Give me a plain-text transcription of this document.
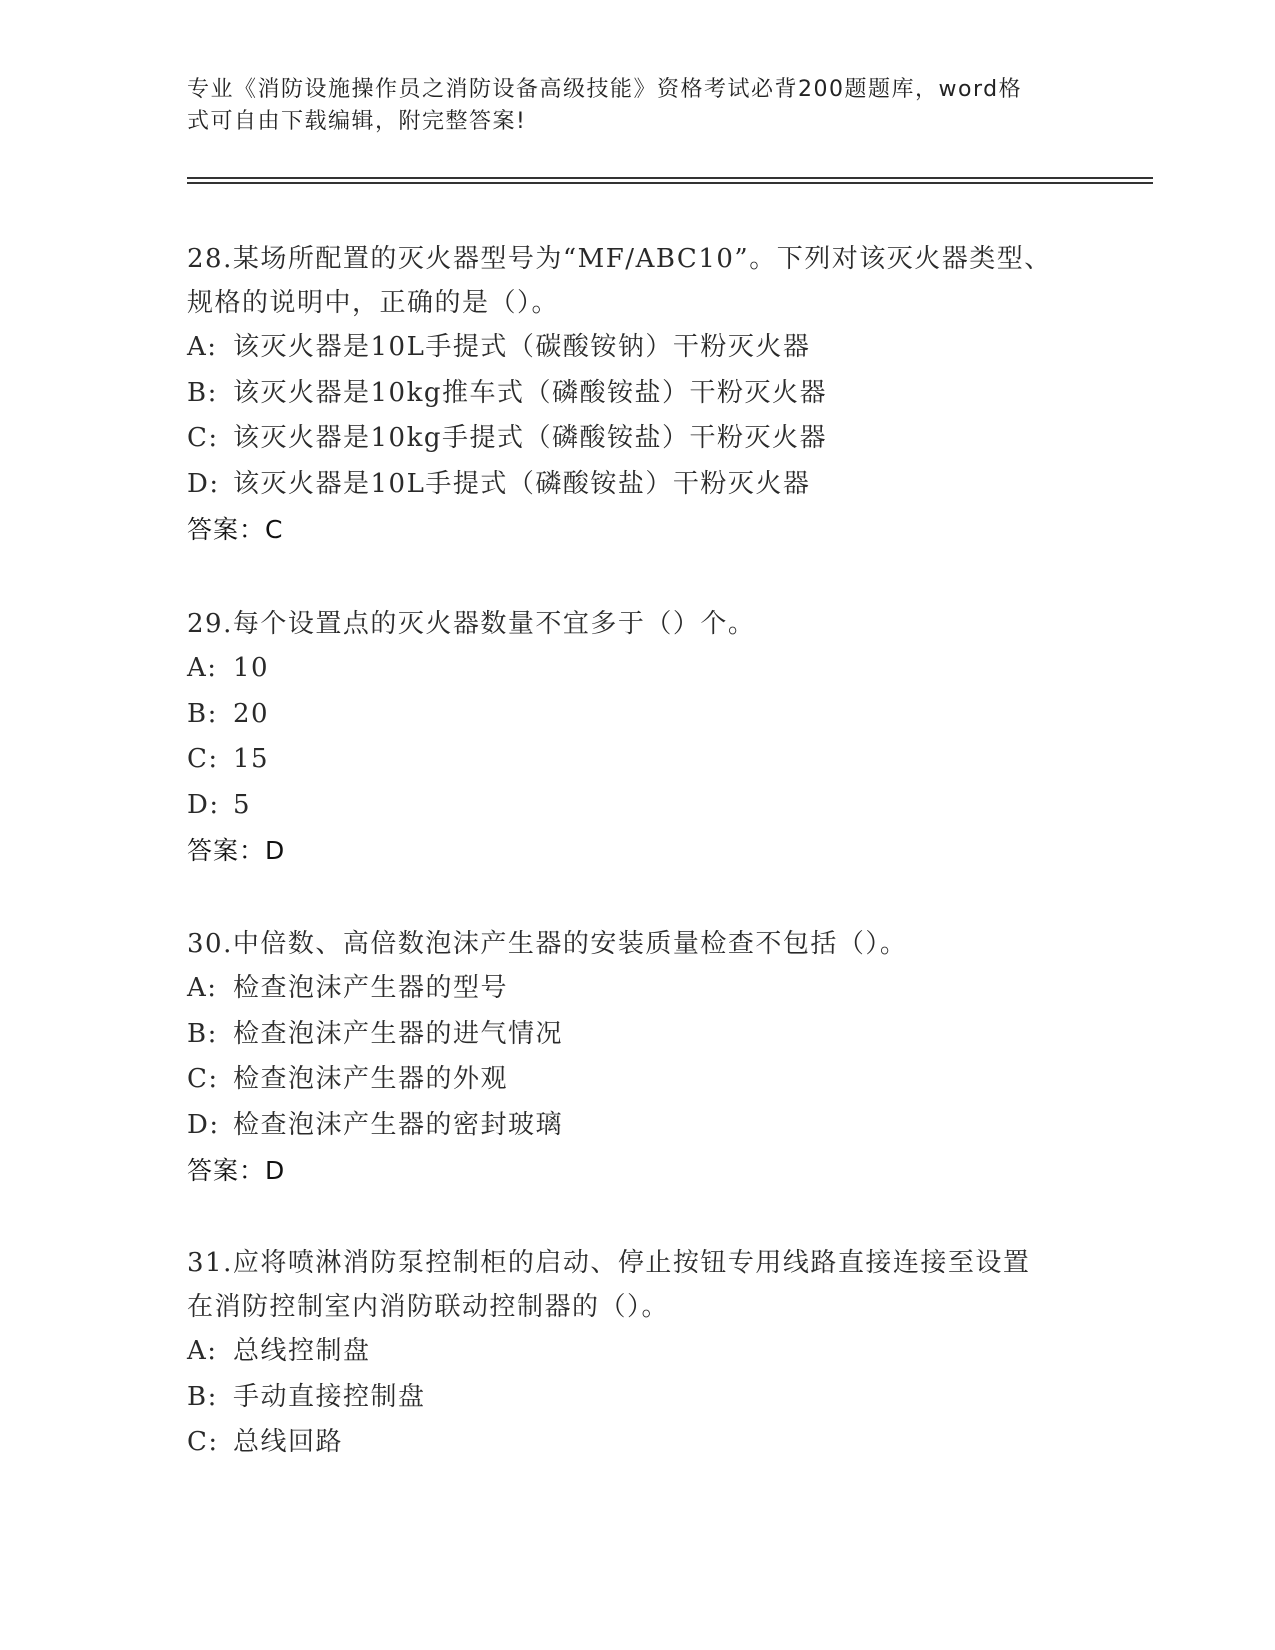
专业《消防设施操作员之消防设备高级技能》资格考试必背200题题库，word格
式可自由下载编辑，附完整答案!

28.某场所配置的灭火器型号为“MF/ABC10”。下列对该灭火器类型、

规格的说明中，正确的是（）。

A: 该灭火器是10L手提式（碳酸铵钠）干粉灭火器

B: 该灭火器是10kg推车式（磷酸铵盐）干粉灭火器

C: 该灭火器是10kg手提式（磷酸铵盐）干粉灭火器

D: 该灭火器是10L手提式（磷酸铵盐）干粉灭火器

答案：C

29.每个设置点的灭火器数量不宜多于（）个。

A: 10

B: 20

C: 15

D: 5

答案：D

30.中倍数、高倍数泡沫产生器的安装质量检查不包括（）。

A: 检查泡沫产生器的型号

B: 检查泡沫产生器的进气情况

C: 检查泡沫产生器的外观

D: 检查泡沫产生器的密封玻璃

答案：D

31.应将喷淋消防泵控制柜的启动、停止按钮专用线路直接连接至设置

在消防控制室内消防联动控制器的（）。

A: 总线控制盘

B: 手动直接控制盘

C: 总线回路
